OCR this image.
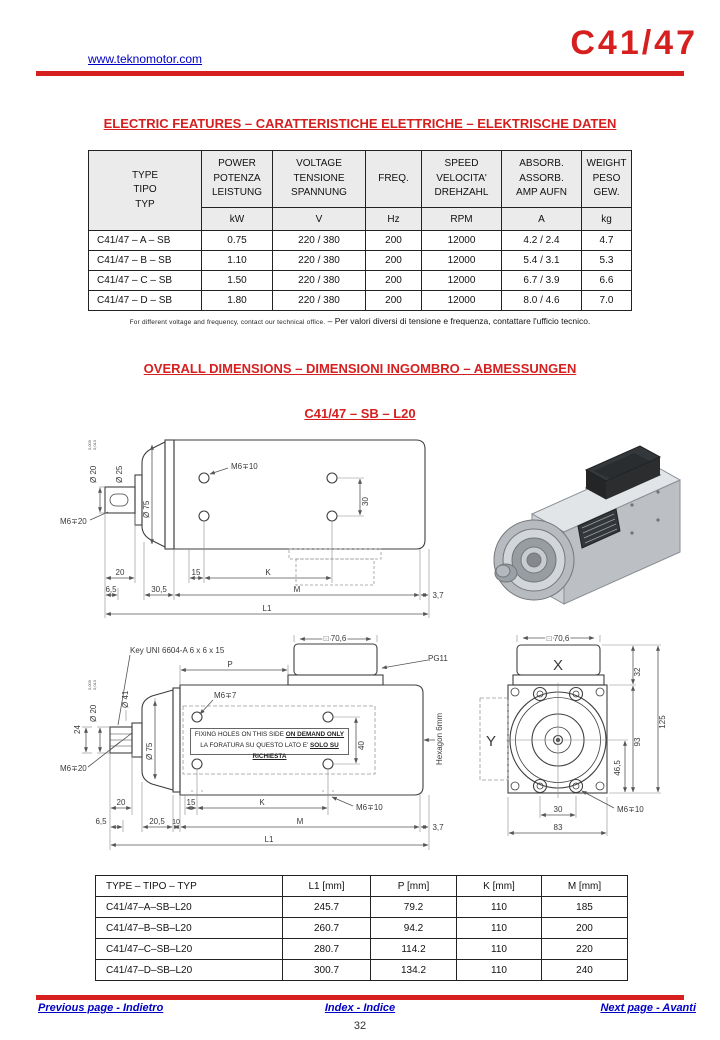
www.teknomotor.com	C41/47
ELECTRIC FEATURES – CARATTERISTICHE ELETTRICHE – ELEKTRISCHE DATEN
TYPE
TIPO
TYP

POWER
POTENZA
LEISTUNG

VOLTAGE
TENSIONE
SPANNUNG

FREQ.

SPEED
VELOCITA'
DREHZAHL

ABSORB.
ASSORB.
AMP AUFN

WEIGHT
PESO
GEW.

	kW	V	Hz	RPM	A	kg
C41/47 – A – SB	0.75	220 / 380	200	12000	4.2 / 2.4	4.7
C41/47 – B – SB	1.10	220 / 380	200	12000	5.4 / 3.1	5.3
C41/47 – C – SB	1.50	220 / 380	200	12000	6.7 / 3.9	6.6
C41/47 – D – SB	1.80	220 / 380	200	12000	8.0 / 4.6	7.0
For different voltage and frequency, contact our technical office. – Per valori diversi di tensione e frequenza, contattare l'ufficio tecnico.
OVERALL DIMENSIONS – DIMENSIONI INGOMBRO – ABMESSUNGEN
C41/47 – SB – L20
Ø 20
0,009 0,013
Ø 25
Ø 75
M6∓20
M6∓10
30
20	15	K
6,5	30,5	M
3,7
L1
Key UNI 6604-A 6 x 6 x 15
□ 70,6
PG11
P
M6∓7
Hexagon 6mm
40
Ø 20
0,009 0,013
Ø 41
Ø 75
24
M6∓20
M6∓10
20	15	K
6,5	20,5 10	M
3,7
L1
FIXING HOLES ON THIS SIDE ON DEMAND ONLY
LA FORATURA SU QUESTO LATO E' SOLO SU RICHIESTA
□ 70,6
X
Y
32
93
125
46,5
30
83
M6∓10
TYPE – TIPO – TYP	L1 [mm]	P [mm]	K [mm]	M [mm]
C41/47–A–SB–L20	245.7	79.2	110	185
C41/47–B–SB–L20	260.7	94.2	110	200
C41/47–C–SB–L20	280.7	114.2	110	220
C41/47–D–SB–L20	300.7	134.2	110	240
Previous page - Indietro	Index - Indice	Next page - Avanti
32
